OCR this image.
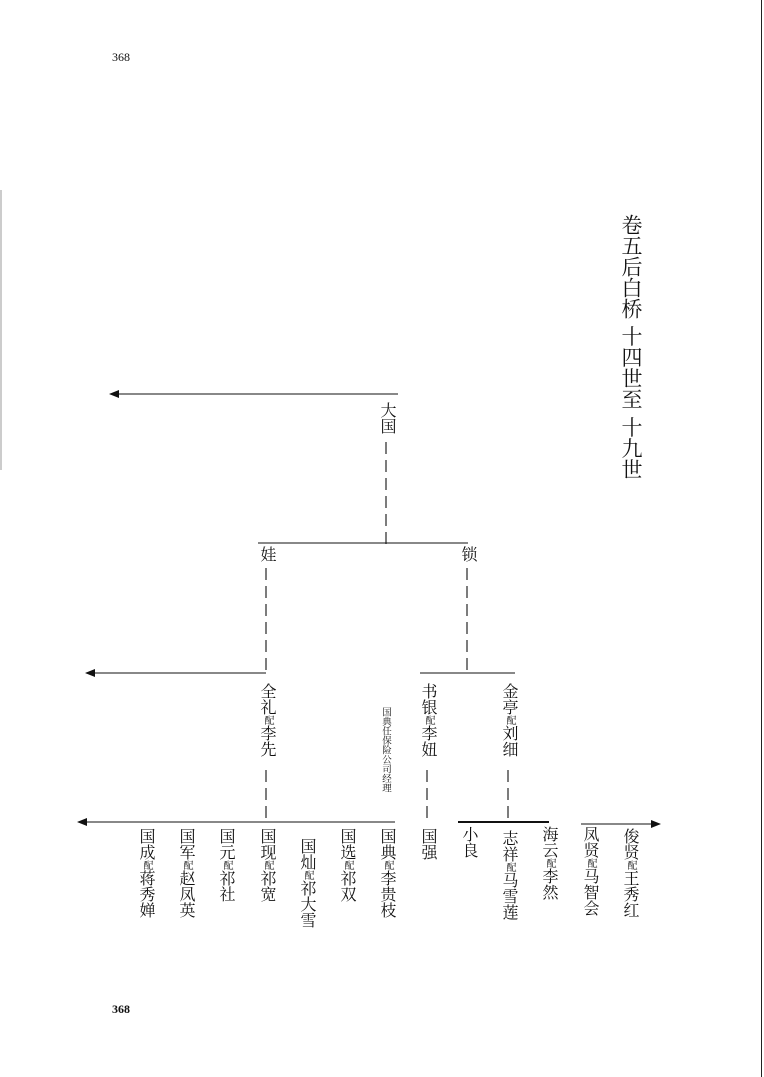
368
368
卷五后白桥 十四世至 十九世
大国
娃	锁
全礼配李先
书银配李妞
金亭配刘细
国典任保险公司经理
国成配蒋秀婵
国军配赵凤英
国元配祁社
国现配祁宽
国灿配祁大雪
国选配祁双
国典配李贵枝
国强 小良 志祥配马雪莲
海云配李然
凤贤配马智会
俊贤配王秀红
